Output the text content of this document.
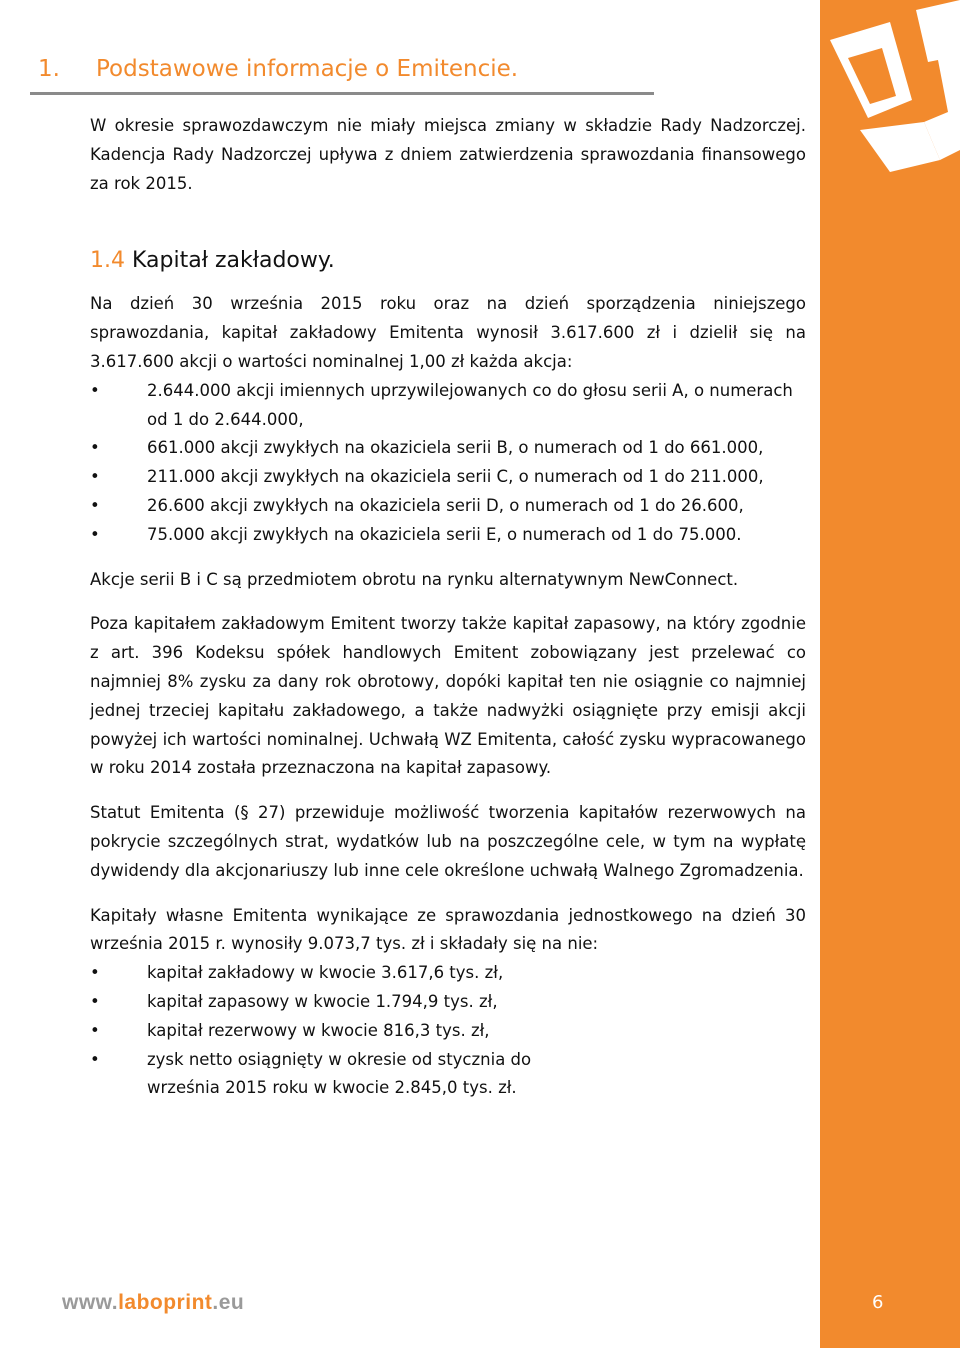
1. Podstawowe informacje o Emitencie.

W okresie sprawozdawczym nie miały miejsca zmiany w składzie Rady Nadzorczej. Kadencja Rady Nadzorczej upływa z dniem zatwierdzenia sprawozdania finansowego za rok 2015.

1.4 Kapitał zakładowy.

Na dzień 30 września 2015 roku oraz na dzień sporządzenia niniejszego sprawozdania, kapitał zakładowy Emitenta wynosił 3.617.600 zł i dzielił się na 3.617.600 akcji o wartości nominalnej 1,00 zł każda akcja:

•	2.644.000 akcji imiennych uprzywilejowanych co do głosu serii A, o numerach od 1 do 2.644.000,
•	661.000 akcji zwykłych na okaziciela serii B, o numerach od 1 do 661.000,
•	211.000 akcji zwykłych na okaziciela serii C, o numerach od 1 do 211.000,
•	26.600 akcji zwykłych na okaziciela serii D, o numerach od 1 do 26.600,
•	75.000 akcji zwykłych na okaziciela serii E, o numerach od 1 do 75.000.

Akcje serii B i C są przedmiotem obrotu na rynku alternatywnym NewConnect.

Poza kapitałem zakładowym Emitent tworzy także kapitał zapasowy, na który zgodnie z art. 396 Kodeksu spółek handlowych Emitent zobowiązany jest przelewać co najmniej 8% zysku za dany rok obrotowy, dopóki kapitał ten nie osiągnie co najmniej jednej trzeciej kapitału zakładowego, a także nadwyżki osiągnięte przy emisji akcji powyżej ich wartości nominalnej. Uchwałą WZ Emitenta, całość zysku wypracowanego w roku 2014 została przeznaczona na kapitał zapasowy.

Statut Emitenta (§ 27) przewiduje możliwość tworzenia kapitałów rezerwowych na pokrycie szczególnych strat, wydatków lub na poszczególne cele, w tym na wypłatę dywidendy dla akcjonariuszy lub inne cele określone uchwałą Walnego Zgromadzenia.

Kapitały własne Emitenta wynikające ze sprawozdania jednostkowego na dzień 30 września 2015 r. wynosiły 9.073,7 tys. zł i składały się na nie:

•	kapitał zakładowy w kwocie 3.617,6 tys. zł,
•	kapitał zapasowy w kwocie 1.794,9 tys. zł,
•	kapitał rezerwowy w kwocie 816,3 tys. zł,
•	zysk netto osiągnięty w okresie od stycznia do września 2015 roku w kwocie 2.845,0 tys. zł.
www.laboprint.eu	6
